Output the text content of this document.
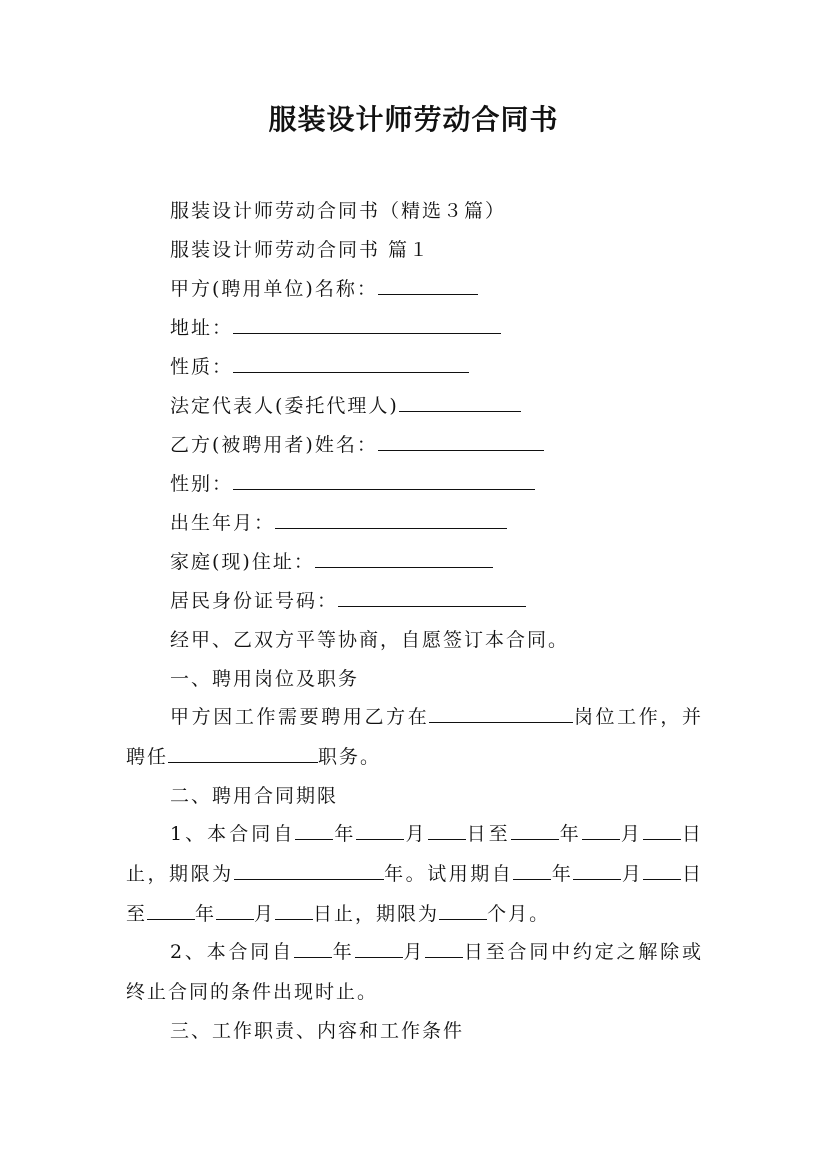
服装设计师劳动合同书
服装设计师劳动合同书（精选３篇）
服装设计师劳动合同书 篇１
甲方(聘用单位)名称：
地址：
性质：
法定代表人(委托代理人)
乙方(被聘用者)姓名：
性别：
出生年月：
家庭(现)住址：
居民身份证号码：
经甲、乙双方平等协商，自愿签订本合同。
一、聘用岗位及职务
甲方因工作需要聘用乙方在	岗位工作，并聘任	职务。
二、聘用合同期限
1、本合同自 年	月 日至	年 月 日止，期限为	年。试用期自 年	月 日至	年 月 日止，期限为	个月。
2、本合同自 年	月 日至合同中约定之解除或终止合同的条件出现时止。
三、工作职责、内容和工作条件
